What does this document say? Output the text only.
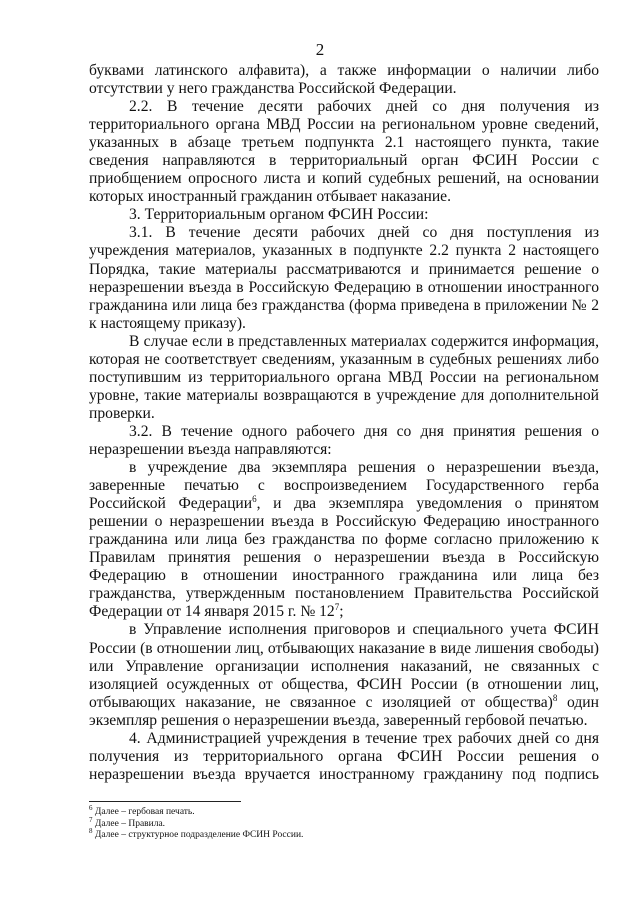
2

буквами латинского алфавита), а также информации о наличии либо отсутствии у него гражданства Российской Федерации.

2.2. В течение десяти рабочих дней со дня получения из территориального органа МВД России на региональном уровне сведений, указанных в абзаце третьем подпункта 2.1 настоящего пункта, такие сведения направляются в территориальный орган ФСИН России с приобщением опросного листа и копий судебных решений, на основании которых иностранный гражданин отбывает наказание.

3. Территориальным органом ФСИН России:

3.1. В течение десяти рабочих дней со дня поступления из учреждения материалов, указанных в подпункте 2.2 пункта 2 настоящего Порядка, такие материалы рассматриваются и принимается решение о неразрешении въезда в Российскую Федерацию в отношении иностранного гражданина или лица без гражданства (форма приведена в приложении № 2 к настоящему приказу).

В случае если в представленных материалах содержится информация, которая не соответствует сведениям, указанным в судебных решениях либо поступившим из территориального органа МВД России на региональном уровне, такие материалы возвращаются в учреждение для дополнительной проверки.

3.2. В течение одного рабочего дня со дня принятия решения о неразрешении въезда направляются:

в учреждение два экземпляра решения о неразрешении въезда, заверенные печатью с воспроизведением Государственного герба Российской Федерации$^6$, и два экземпляра уведомления о принятом решении о неразрешении въезда в Российскую Федерацию иностранного гражданина или лица без гражданства по форме согласно приложению к Правилам принятия решения о неразрешении въезда в Российскую Федерацию в отношении иностранного гражданина или лица без гражданства, утвержденным постановлением Правительства Российской Федерации от 14 января 2015 г. № $12^7$;

в Управление исполнения приговоров и специального учета ФСИН России (в отношении лиц, отбывающих наказание в виде лишения свободы) или Управление организации исполнения наказаний, не связанных с изоляцией осужденных от общества, ФСИН России (в отношении лиц, отбывающих наказание, не связанное с изоляцией от общества)$^8$ один экземпляр решения о неразрешении въезда, заверенный гербовой печатью.

4. Администрацией учреждения в течение трех рабочих дней со дня получения из территориального органа ФСИН России решения о неразрешении въезда вручается иностранному гражданину под подпись

$^6$ Далее – гербовая печать.

$^7$ Далее – Правила.

$^8$ Далее – структурное подразделение ФСИН России.
